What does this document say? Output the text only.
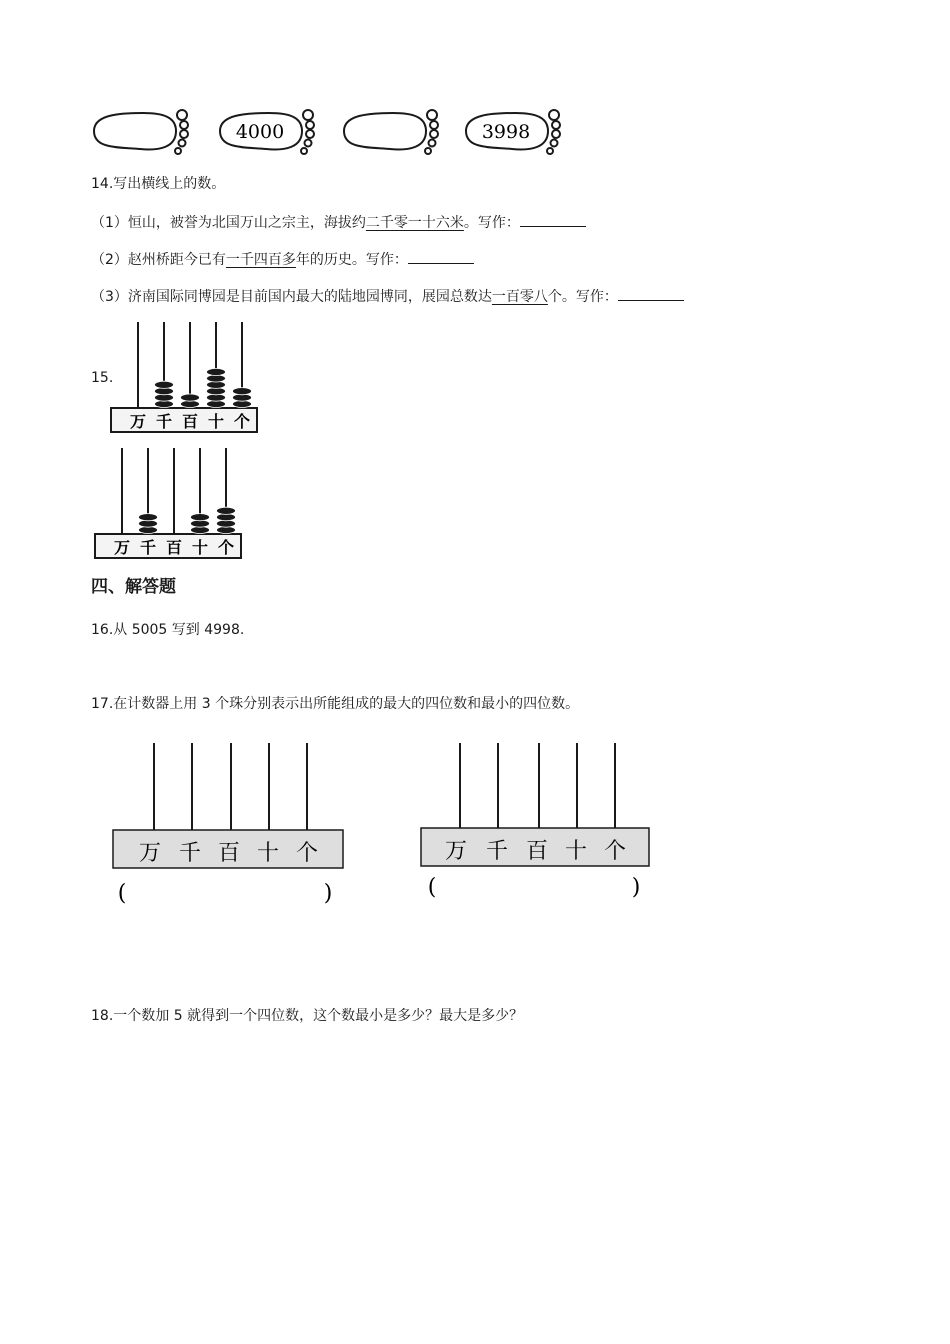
4000	3998
14.写出横线上的数。
（1）恒山，被誉为北国万山之宗主，海拔约二千零一十六米。写作：
（2）赵州桥距今已有一千四百多年的历史。写作：
（3）济南国际同博园是目前国内最大的陆地园博同，展园总数达一百零八个。写作：
15.
万 千 百 十 个
万 千 百 十 个
四、解答题
16.从 5005 写到 4998.
17.在计数器上用 3 个珠分别表示出所能组成的最大的四位数和最小的四位数。
万 千 百 十 个
(	)
万 千 百 十 个
(	)
18.一个数加 5 就得到一个四位数，这个数最小是多少？最大是多少？
